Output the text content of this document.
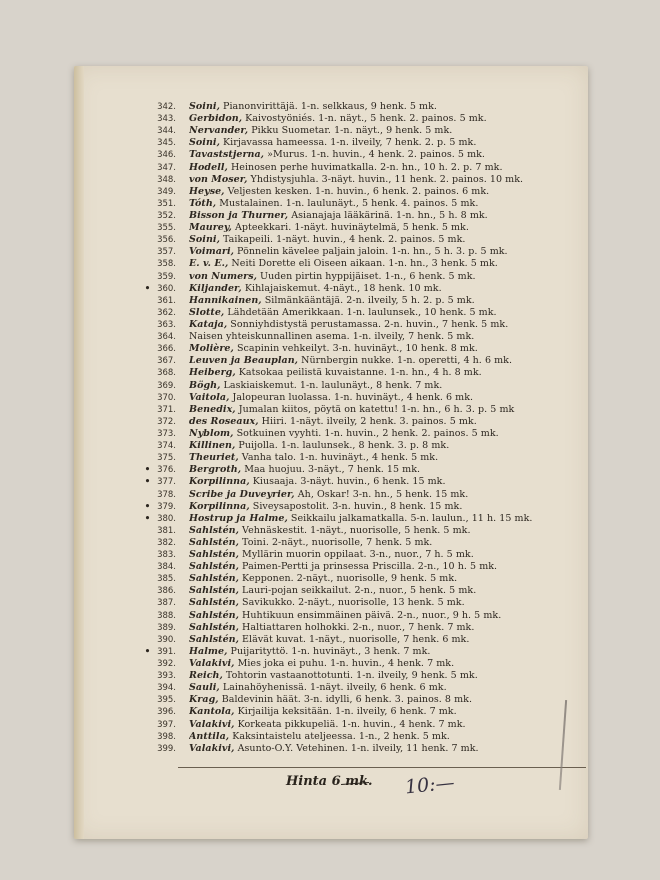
342. Soini, Pianonvirittäjä. 1-n. selkkaus, 9 henk. 5 mk.
343. Gerbidon, Kaivostyöniés. 1-n. näyt., 5 henk. 2. painos. 5 mk.
344. Nervander, Pikku Suometar. 1-n. näyt., 9 henk. 5 mk.
345. Soini, Kirjavassa hameessa. 1-n. ilveily, 7 henk. 2. p. 5 mk.
346. Tavaststjerna, »Murus. 1-n. huvin., 4 henk. 2. painos. 5 mk.
347. Hodell, Heinosen perhe huvimatkalla. 2-n. hn., 10 h. 2. p. 7 mk.
348. von Moser, Yhdistysjuhla. 3-näyt. huvin., 11 henk. 2. painos. 10 mk.
349. Heyse, Veljesten kesken. 1-n. huvin., 6 henk. 2. painos. 6 mk.
351. Tóth, Mustalainen. 1-n. laulunäyt., 5 henk. 4. painos. 5 mk.
352. Bisson ja Thurner, Asianajaja lääkärinä. 1-n. hn., 5 h. 8 mk.
355. Maurey, Apteekkari. 1-näyt. huvinäytelmä, 5 henk. 5 mk.
356. Soini, Taikapeili. 1-näyt. huvin., 4 henk. 2. painos. 5 mk.
357. Voimari, Pönnelin kävelee paljain jaloin. 1-n. hn., 5 h. 3. p. 5 mk.
358. E. v. E., Neiti Dorette eli Oiseen aikaan. 1-n. hn., 3 henk. 5 mk.
359. von Numers, Uuden pirtin hyppijäiset. 1-n., 6 henk. 5 mk.
• 360. Kiljander, Kihlajaiskemut. 4-näyt., 18 henk. 10 mk.
361. Hannikainen, Silmänkääntäjä. 2-n. ilveily, 5 h. 2. p. 5 mk.
362. Slotte, Lähdetään Amerikkaan. 1-n. laulunsek., 10 henk. 5 mk.
363. Kataja, Sonniyhdistystä perustamassa. 2-n. huvin., 7 henk. 5 mk.
364. Naisen yhteiskunnallinen asema. 1-n. ilveily, 7 henk. 5 mk.
366. Molière, Scapinin vehkeilyt. 3-n. huvinäyt., 10 henk. 8 mk.
367. Leuven ja Beauplan, Nürnbergin nukke. 1-n. operetti, 4 h. 6 mk.
368. Heiberg, Katsokaa peilistä kuvaistanne. 1-n. hn., 4 h. 8 mk.
369. Bögh, Laskiaiskemut. 1-n. laulunäyt., 8 henk. 7 mk.
370. Vaitola, Jalopeuran luolassa. 1-n. huvinäyt., 4 henk. 6 mk.
371. Benedix, Jumalan kiitos, pöytä on katettu! 1-n. hn., 6 h. 3. p. 5 mk
372. des Roseaux, Hiiri. 1-näyt. ilveily, 2 henk. 3. painos. 5 mk.
373. Nyblom, Sotkuinen vyyhti. 1-n. huvin., 2 henk. 2. painos. 5 mk.
374. Killinen, Puijolla. 1-n. laulunsek., 8 henk. 3. p. 8 mk.
375. Theuriet, Vanha talo. 1-n. huvinäyt., 4 henk. 5 mk.
• 376. Bergroth, Maa huojuu. 3-näyt., 7 henk. 15 mk.
• 377. Korpilinna, Kiusaaja. 3-näyt. huvin., 6 henk. 15 mk.
378. Scribe ja Duveyrier, Ah, Oskar! 3-n. hn., 5 henk. 15 mk.
• 379. Korpilinna, Siveysapostolit. 3-n. huvin., 8 henk. 15 mk.
• 380. Hostrup ja Halme, Seikkailu jalkamatkalla. 5-n. laulun., 11 h. 15 mk.
381. Sahlstén, Vehnäskestit. 1-näyt., nuorisolle, 5 henk. 5 mk.
382. Sahlstén, Toini. 2-näyt., nuorisolle, 7 henk. 5 mk.
383. Sahlstén, Myllärin muorin oppilaat. 3-n., nuor., 7 h. 5 mk.
384. Sahlstén, Paimen-Pertti ja prinsessa Priscilla. 2-n., 10 h. 5 mk.
385. Sahlstén, Kepponen. 2-näyt., nuorisolle, 9 henk. 5 mk.
386. Sahlstén, Lauri-pojan seikkailut. 2-n., nuor., 5 henk. 5 mk.
387. Sahlstén, Savikukko. 2-näyt., nuorisolle, 13 henk. 5 mk.
388. Sahlstén, Huhtikuun ensimmäinen päivä. 2-n., nuor., 9 h. 5 mk.
389. Sahlstén, Haltiattaren holhokki. 2-n., nuor., 7 henk. 7 mk.
390. Sahlstén, Elävät kuvat. 1-näyt., nuorisolle, 7 henk. 6 mk.
• 391. Halme, Puijarityttö. 1-n. huvinäyt., 3 henk. 7 mk.
392. Valakivi, Mies joka ei puhu. 1-n. huvin., 4 henk. 7 mk.
393. Reich, Tohtorin vastaanottotunti. 1-n. ilveily, 9 henk. 5 mk.
394. Sauli, Lainahöyhenissä. 1-näyt. ilveily, 6 henk. 6 mk.
395. Krag, Baldevinin häät. 3-n. idylli, 6 henk. 3. painos. 8 mk.
396. Kantola, Kirjailija keksitään. 1-n. ilveily, 6 henk. 7 mk.
397. Valakivi, Korkeata pikkupeliä. 1-n. huvin., 4 henk. 7 mk.
398. Anttila, Kaksintaistelu ateljeessa. 1-n., 2 henk. 5 mk.
399. Valakivi, Asunto-O.Y. Vetehinen. 1-n. ilveily, 11 henk. 7 mk.
Hinta 6 mk. 10:—
